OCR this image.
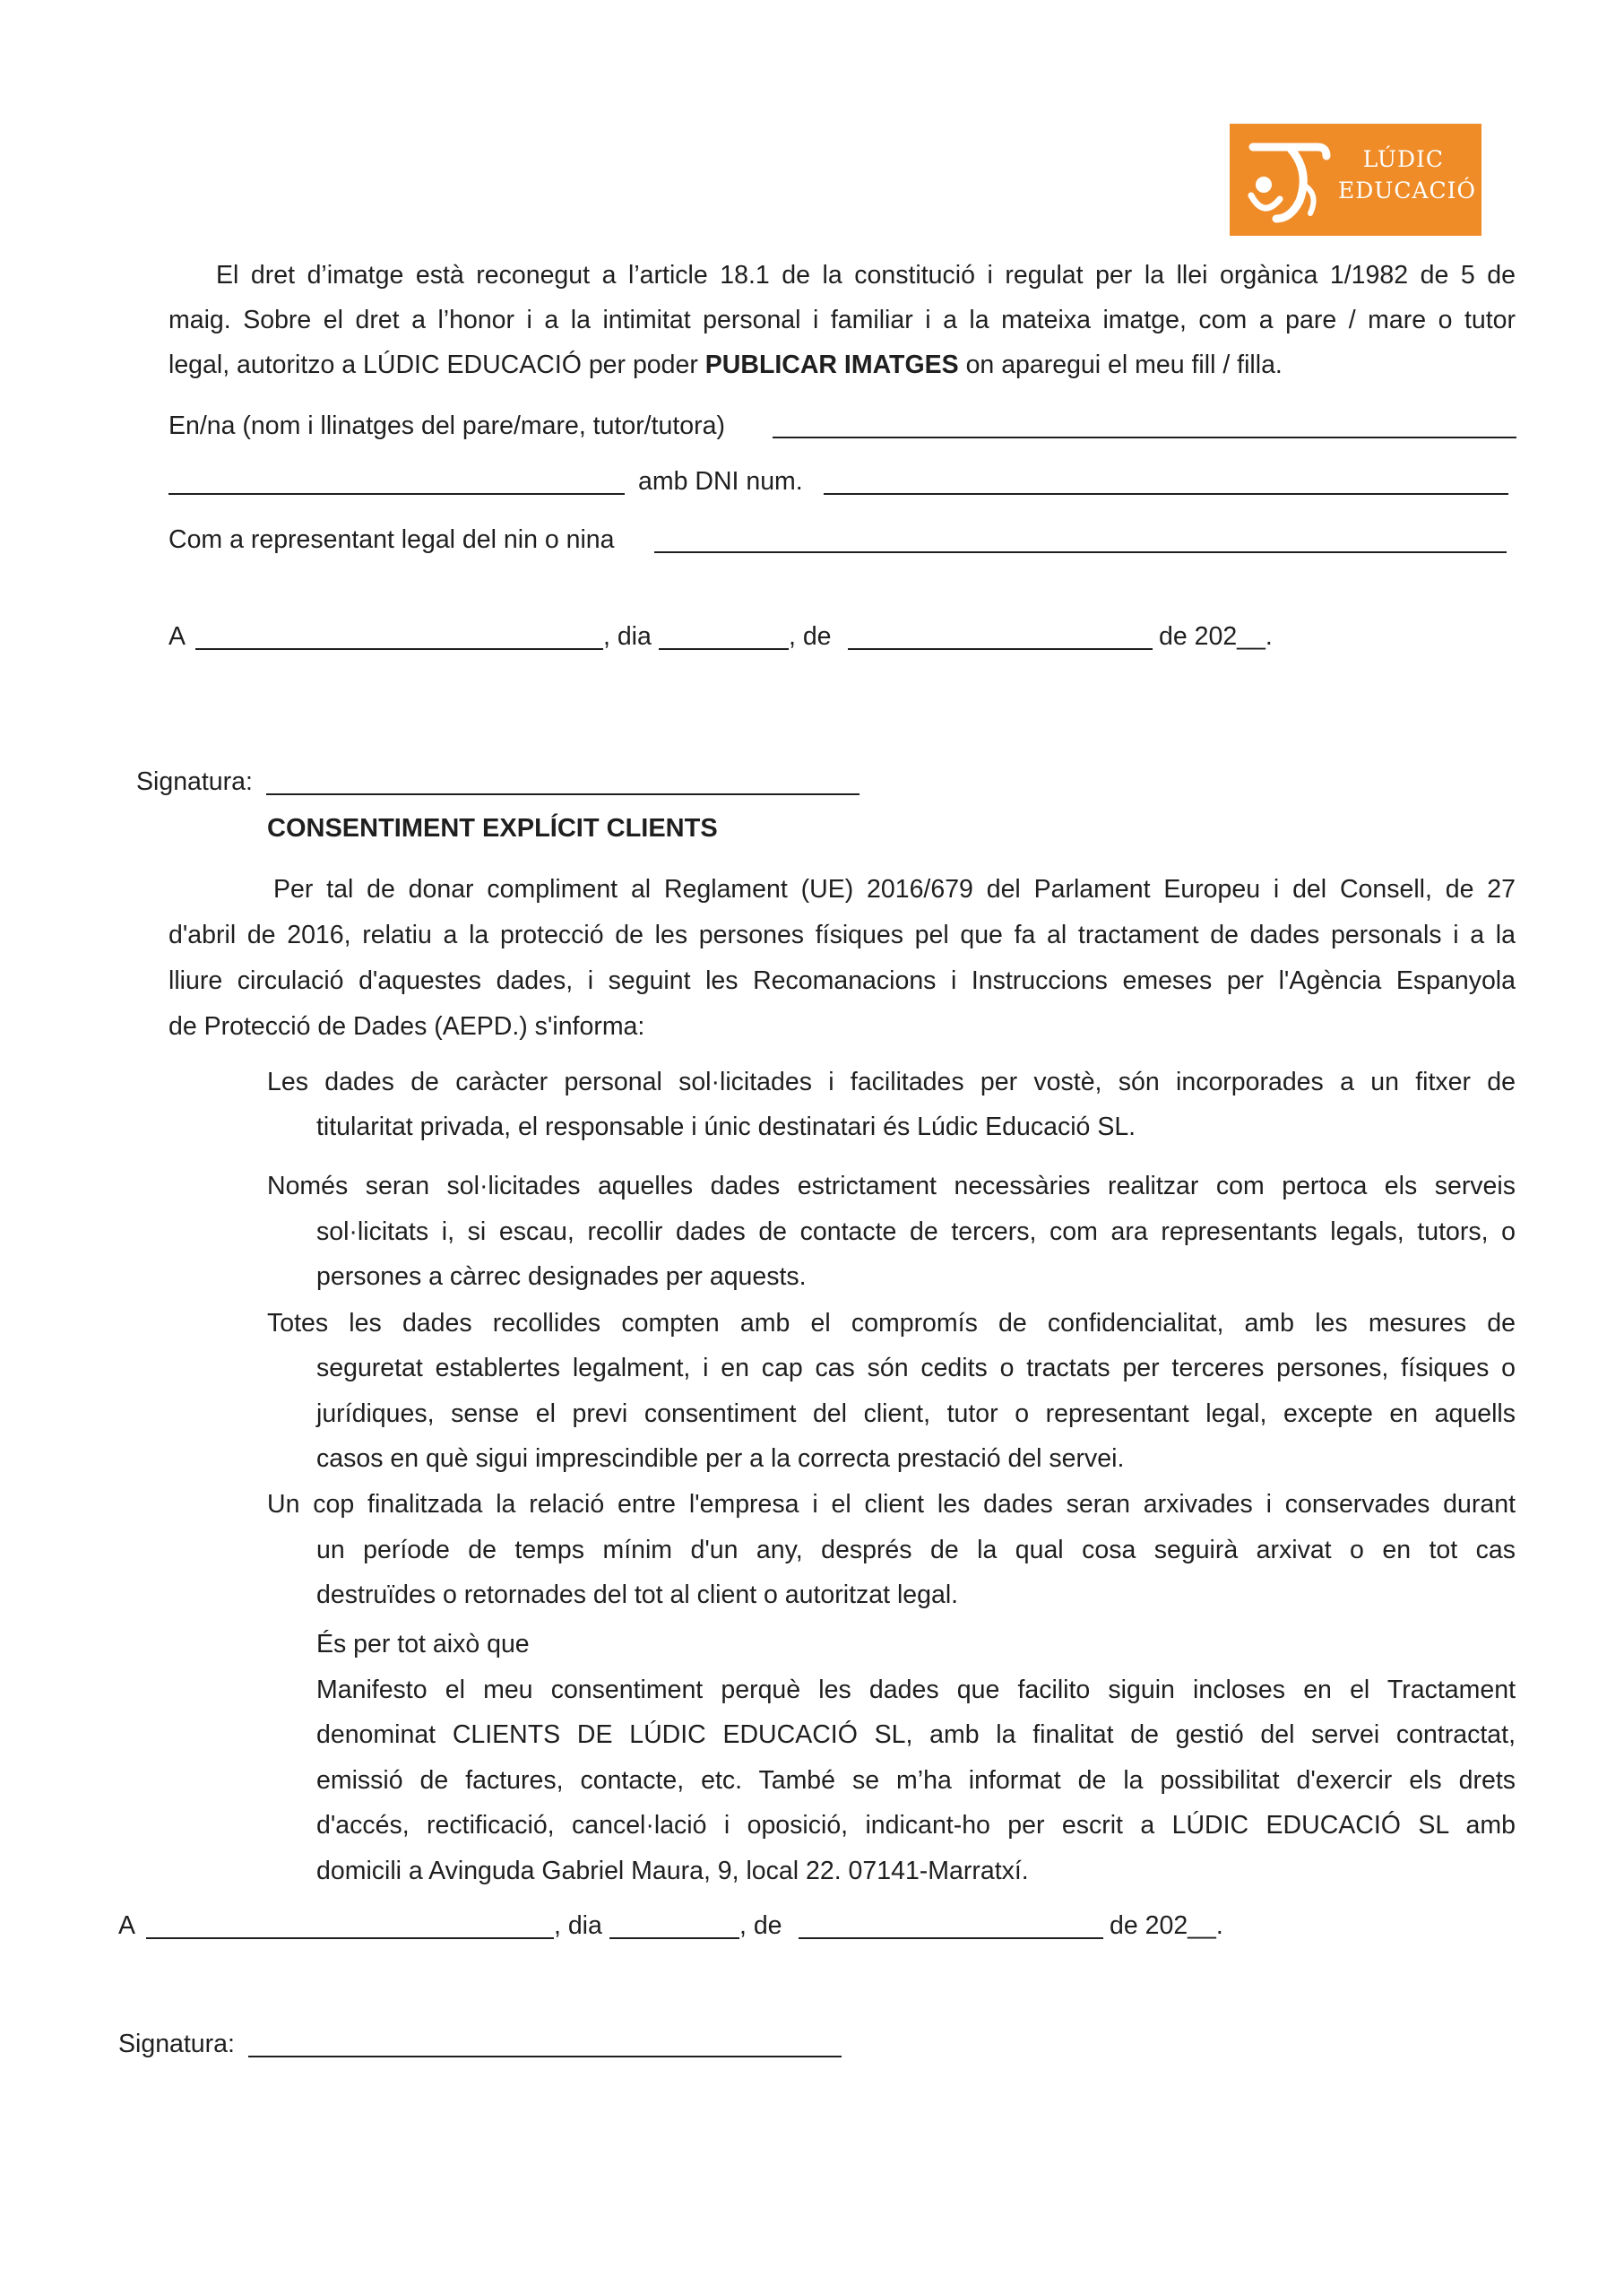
LÚDIC
EDUCACIÓ
El dret d’imatge està reconegut a l’article 18.1 de la constitució i regulat per la llei orgànica 1/1982 de 5 de
maig. Sobre el dret a l’honor i a la intimitat personal i familiar i a la mateixa imatge, com a pare / mare o tutor
legal, autoritzo a LÚDIC EDUCACIÓ per poder PUBLICAR IMATGES on aparegui el meu fill / filla.
En/na (nom i llinatges del pare/mare, tutor/tutora)
amb DNI num.
Com a representant legal del nin o nina
A	, dia	, de	de 202__.
Signatura:
CONSENTIMENT EXPLÍCIT CLIENTS
Per tal de donar compliment al Reglament (UE) 2016/679 del Parlament Europeu i del Consell, de 27
d'abril de 2016, relatiu a la protecció de les persones físiques pel que fa al tractament de dades personals i a la
lliure circulació d'aquestes dades, i seguint les Recomanacions i Instruccions emeses per l'Agència Espanyola
de Protecció de Dades (AEPD.) s'informa:
Les dades de caràcter personal sol·licitades i facilitades per vostè, són incorporades a un fitxer de
titularitat privada, el responsable i únic destinatari és Lúdic Educació SL.
Només seran sol·licitades aquelles dades estrictament necessàries realitzar com pertoca els serveis
sol·licitats i, si escau, recollir dades de contacte de tercers, com ara representants legals, tutors, o
persones a càrrec designades per aquests.
Totes les dades recollides compten amb el compromís de confidencialitat, amb les mesures de
seguretat establertes legalment, i en cap cas són cedits o tractats per terceres persones, físiques o
jurídiques, sense el previ consentiment del client, tutor o representant legal, excepte en aquells
casos en què sigui imprescindible per a la correcta prestació del servei.
Un cop finalitzada la relació entre l'empresa i el client les dades seran arxivades i conservades durant
un període de temps mínim d'un any, després de la qual cosa seguirà arxivat o en tot cas
destruïdes o retornades del tot al client o autoritzat legal.
És per tot això que
Manifesto el meu consentiment perquè les dades que facilito siguin incloses en el Tractament
denominat CLIENTS DE LÚDIC EDUCACIÓ SL, amb la finalitat de gestió del servei contractat,
emissió de factures, contacte, etc. També se m’ha informat de la possibilitat d'exercir els drets
d'accés, rectificació, cancel·lació i oposició, indicant-ho per escrit a LÚDIC EDUCACIÓ SL amb
domicili a Avinguda Gabriel Maura, 9, local 22. 07141-Marratxí.
A	, dia	, de	de 202__.
Signatura:
